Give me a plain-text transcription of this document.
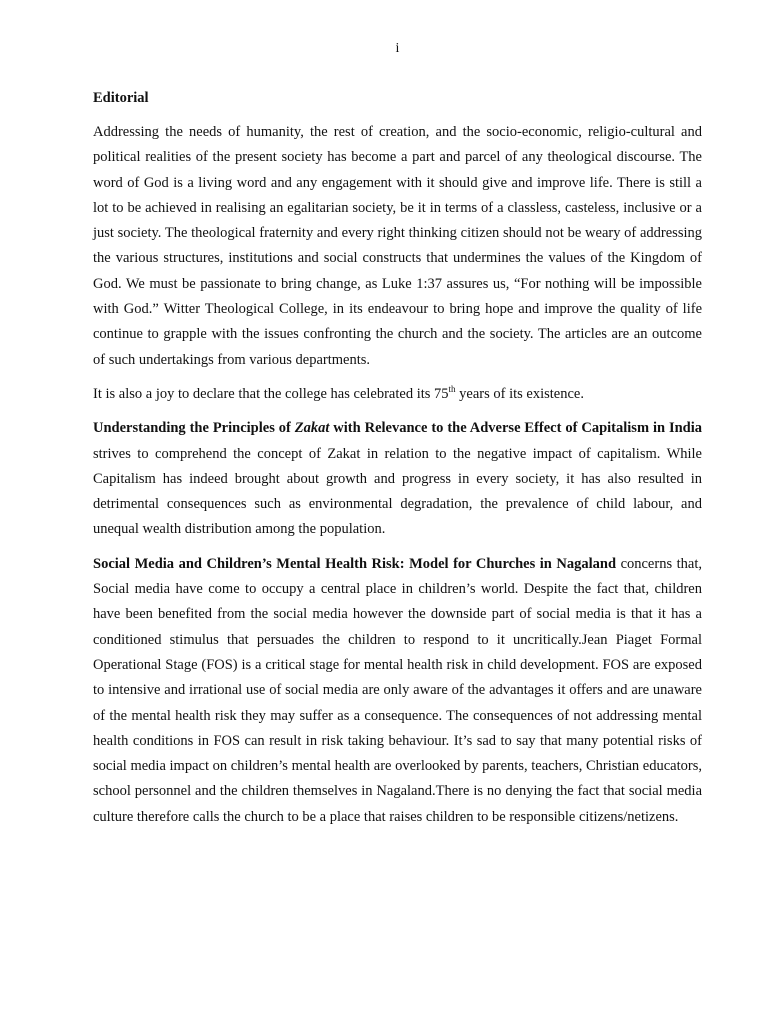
i
Editorial

Addressing the needs of humanity, the rest of creation, and the socio-economic, religio-cultural and political realities of the present society has become a part and parcel of any theological discourse. The word of God is a living word and any engagement with it should give and improve life. There is still a lot to be achieved in realising an egalitarian society, be it in terms of a classless, casteless, inclusive or a just society. The theological fraternity and every right thinking citizen should not be weary of addressing the various structures, institutions and social constructs that undermines the values of the Kingdom of God. We must be passionate to bring change, as Luke 1:37 assures us, “For nothing will be impossible with God.” Witter Theological College, in its endeavour to bring hope and improve the quality of life continue to grapple with the issues confronting the church and the society. The articles are an outcome of such undertakings from various departments.

It is also a joy to declare that the college has celebrated its 75th years of its existence.

Understanding the Principles of Zakat with Relevance to the Adverse Effect of Capitalism in India strives to comprehend the concept of Zakat in relation to the negative impact of capitalism. While Capitalism has indeed brought about growth and progress in every society, it has also resulted in detrimental consequences such as environmental degradation, the prevalence of child labour, and unequal wealth distribution among the population.

Social Media and Children’s Mental Health Risk: Model for Churches in Nagaland concerns that, Social media have come to occupy a central place in children’s world. Despite the fact that, children have been benefited from the social media however the downside part of social media is that it has a conditioned stimulus that persuades the children to respond to it uncritically.Jean Piaget Formal Operational Stage (FOS) is a critical stage for mental health risk in child development. FOS are exposed to intensive and irrational use of social media are only aware of the advantages it offers and are unaware of the mental health risk they may suffer as a consequence. The consequences of not addressing mental health conditions in FOS can result in risk taking behaviour. It’s sad to say that many potential risks of social media impact on children’s mental health are overlooked by parents, teachers, Christian educators, school personnel and the children themselves in Nagaland.There is no denying the fact that social media culture therefore calls the church to be a place that raises children to be responsible citizens/netizens.
